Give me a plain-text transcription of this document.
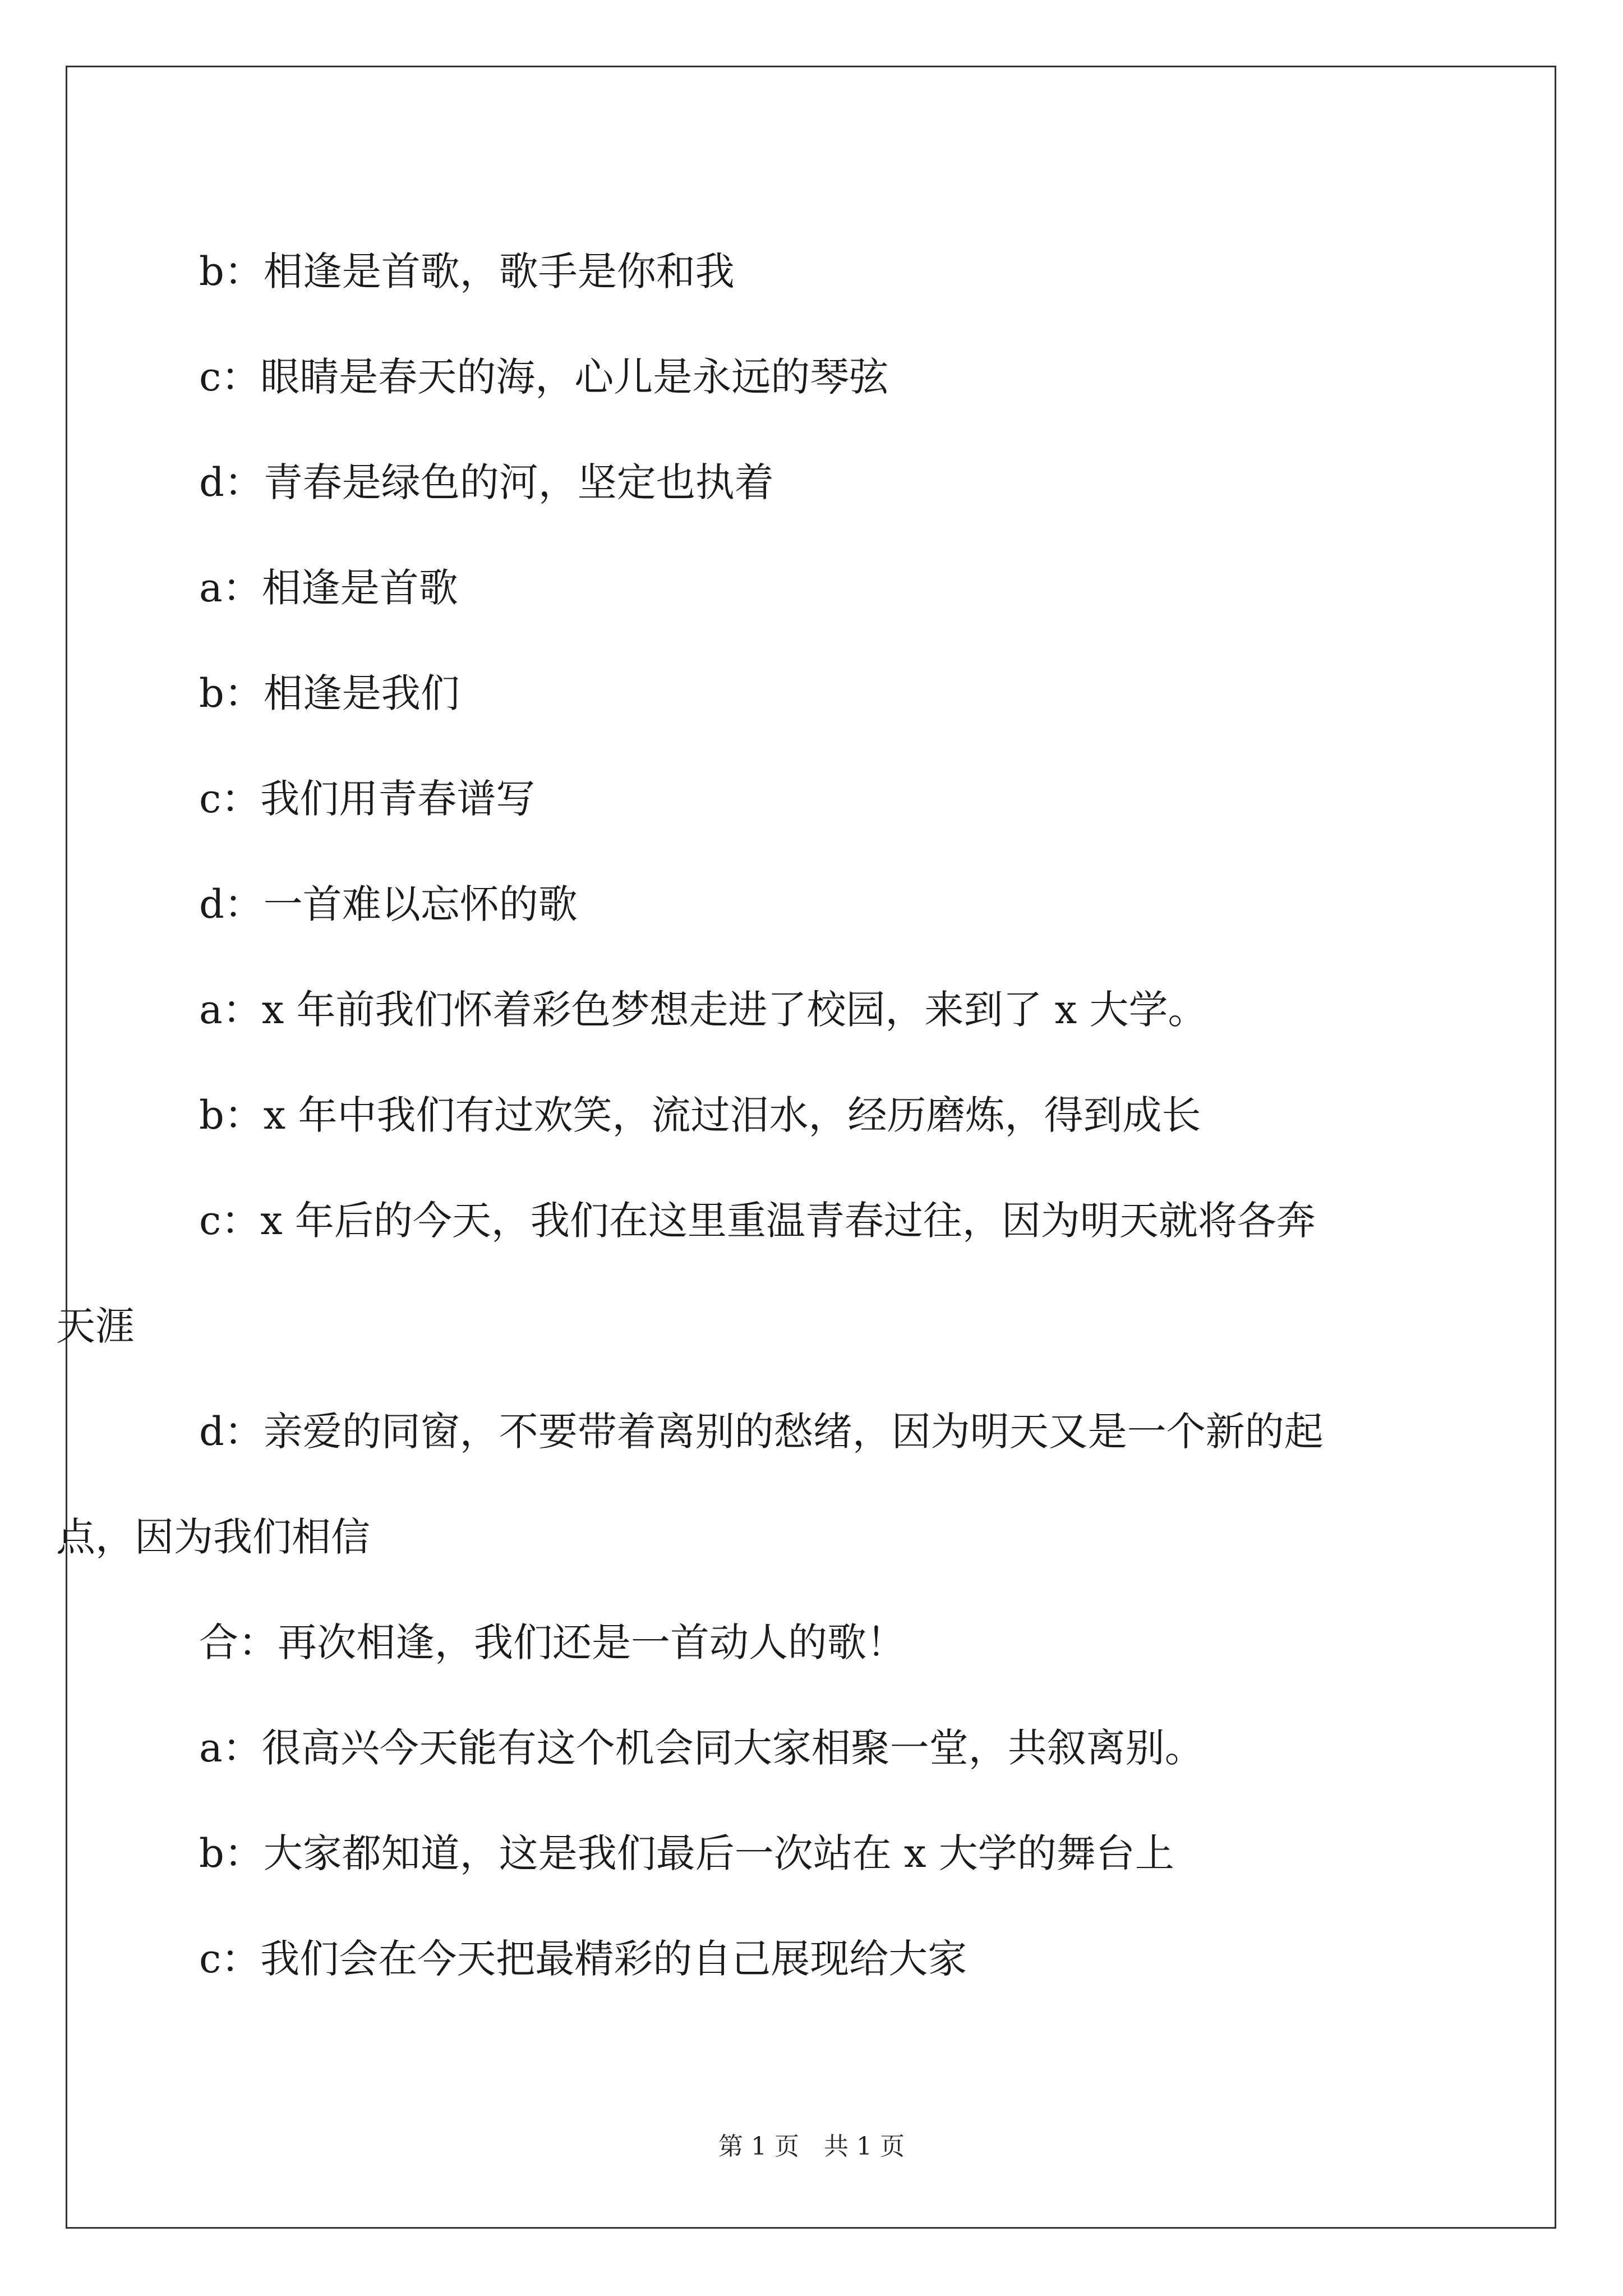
b：相逢是首歌，歌手是你和我

c：眼睛是春天的海，心儿是永远的琴弦

d：青春是绿色的河，坚定也执着

a：相逢是首歌

b：相逢是我们

c：我们用青春谱写

d：一首难以忘怀的歌

a：x 年前我们怀着彩色梦想走进了校园，来到了 x 大学。

b：x 年中我们有过欢笑，流过泪水，经历磨炼，得到成长

c：x 年后的今天，我们在这里重温青春过往，因为明天就将各奔
天涯

d：亲爱的同窗，不要带着离别的愁绪，因为明天又是一个新的起
点，因为我们相信

合：再次相逢，我们还是一首动人的歌！

a：很高兴今天能有这个机会同大家相聚一堂，共叙离别。

b：大家都知道，这是我们最后一次站在 x 大学的舞台上

c：我们会在今天把最精彩的自己展现给大家

第 1 页　共 1 页
